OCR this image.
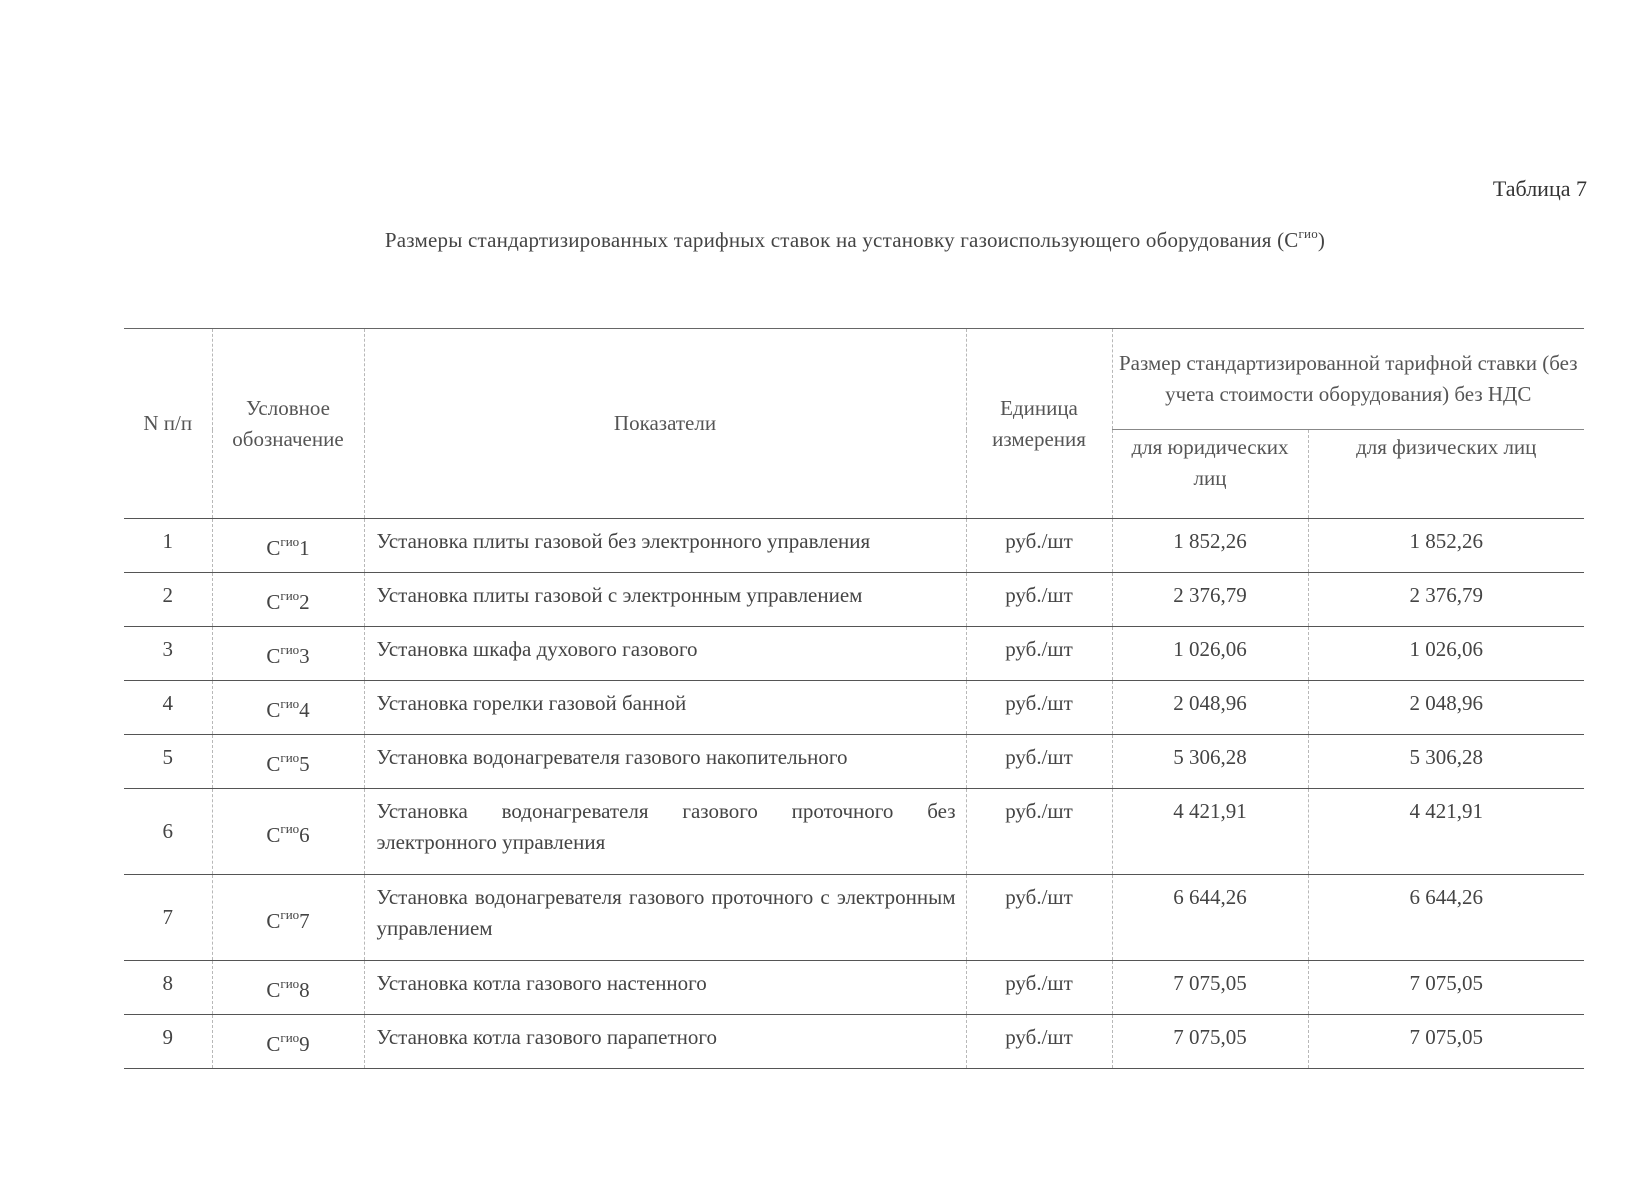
Таблица 7
Размеры стандартизированных тарифных ставок на установку газоиспользующего оборудования $(С^{гио})$
N п/п	Условное обозначение	Показатели	Единица измерения	Размер стандартизированной тарифной ставки (без учета стоимости оборудования) без НДС	
				для юридических лиц	для физических лиц
1	$С^{гио}1$	Установка плиты газовой без электронного управления	руб./шт	1 852,26	1 852,26
2	$С^{гио}2$	Установка плиты газовой с электронным управлением	руб./шт	2 376,79	2 376,79
3	$С^{гио}3$	Установка шкафа духового газового	руб./шт	1 026,06	1 026,06
4	$С^{гио}4$	Установка горелки газовой банной	руб./шт	2 048,96	2 048,96
5	$С^{гио}5$	Установка водонагревателя газового накопительного	руб./шт	5 306,28	5 306,28
6	$С^{гио}6$	Установка водонагревателя газового проточного без электронного управления	руб./шт	4 421,91	4 421,91
7	$С^{гио}7$	Установка водонагревателя газового проточного с электронным управлением	руб./шт	6 644,26	6 644,26
8	$С^{гио}8$	Установка котла газового настенного	руб./шт	7 075,05	7 075,05
9	$С^{гио}9$	Установка котла газового парапетного	руб./шт	7 075,05	7 075,05
